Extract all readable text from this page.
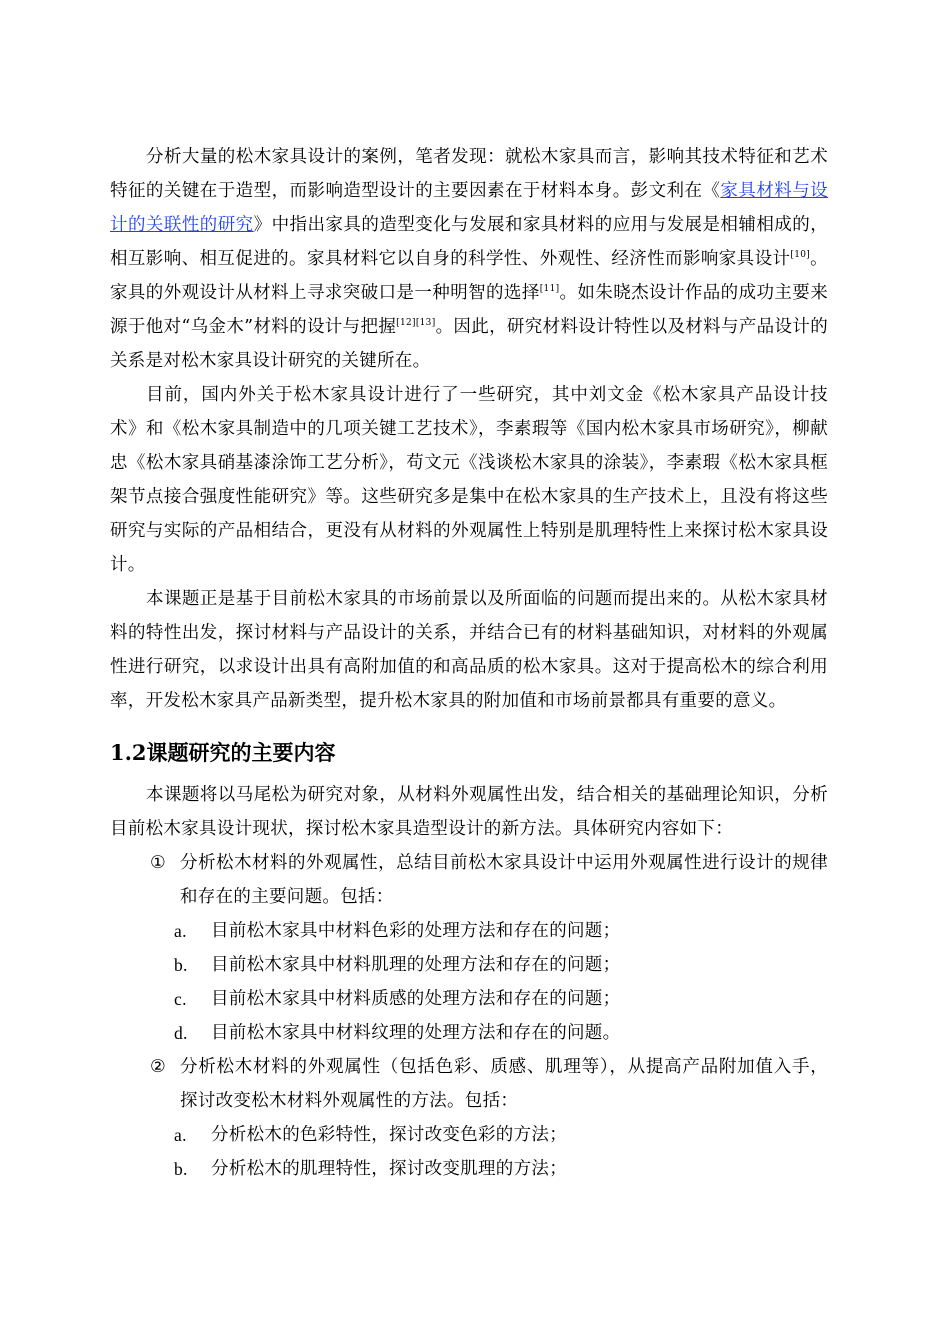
分析大量的松木家具设计的案例，笔者发现：就松木家具而言，影响其技术特征和艺术特征的关键在于造型，而影响造型设计的主要因素在于材料本身。彭文利在《家具材料与设计的关联性的研究》中指出家具的造型变化与发展和家具材料的应用与发展是相辅相成的，相互影响、相互促进的。家具材料它以自身的科学性、外观性、经济性而影响家具设计[10]。家具的外观设计从材料上寻求突破口是一种明智的选择[11]。如朱晓杰设计作品的成功主要来源于他对“乌金木”材料的设计与把握[12][13]。因此，研究材料设计特性以及材料与产品设计的关系是对松木家具设计研究的关键所在。

目前，国内外关于松木家具设计进行了一些研究，其中刘文金《松木家具产品设计技术》和《松木家具制造中的几项关键工艺技术》，李素瑕等《国内松木家具市场研究》，柳献忠《松木家具硝基漆涂饰工艺分析》，苟文元《浅谈松木家具的涂装》，李素瑕《松木家具框架节点接合强度性能研究》等。这些研究多是集中在松木家具的生产技术上，且没有将这些研究与实际的产品相结合，更没有从材料的外观属性上特别是肌理特性上来探讨松木家具设计。

本课题正是基于目前松木家具的市场前景以及所面临的问题而提出来的。从松木家具材料的特性出发，探讨材料与产品设计的关系，并结合已有的材料基础知识，对材料的外观属性进行研究，以求设计出具有高附加值的和高品质的松木家具。这对于提高松木的综合利用率，开发松木家具产品新类型，提升松木家具的附加值和市场前景都具有重要的意义。

1.2课题研究的主要内容

本课题将以马尾松为研究对象，从材料外观属性出发，结合相关的基础理论知识，分析目前松木家具设计现状，探讨松木家具造型设计的新方法。具体研究内容如下：

① 分析松木材料的外观属性，总结目前松木家具设计中运用外观属性进行设计的规律和存在的主要问题。包括：

a. 目前松木家具中材料色彩的处理方法和存在的问题；

b. 目前松木家具中材料肌理的处理方法和存在的问题；

c. 目前松木家具中材料质感的处理方法和存在的问题；

d. 目前松木家具中材料纹理的处理方法和存在的问题。

② 分析松木材料的外观属性（包括色彩、质感、肌理等），从提高产品附加值入手，探讨改变松木材料外观属性的方法。包括：

a. 分析松木的色彩特性，探讨改变色彩的方法；

b. 分析松木的肌理特性，探讨改变肌理的方法；
